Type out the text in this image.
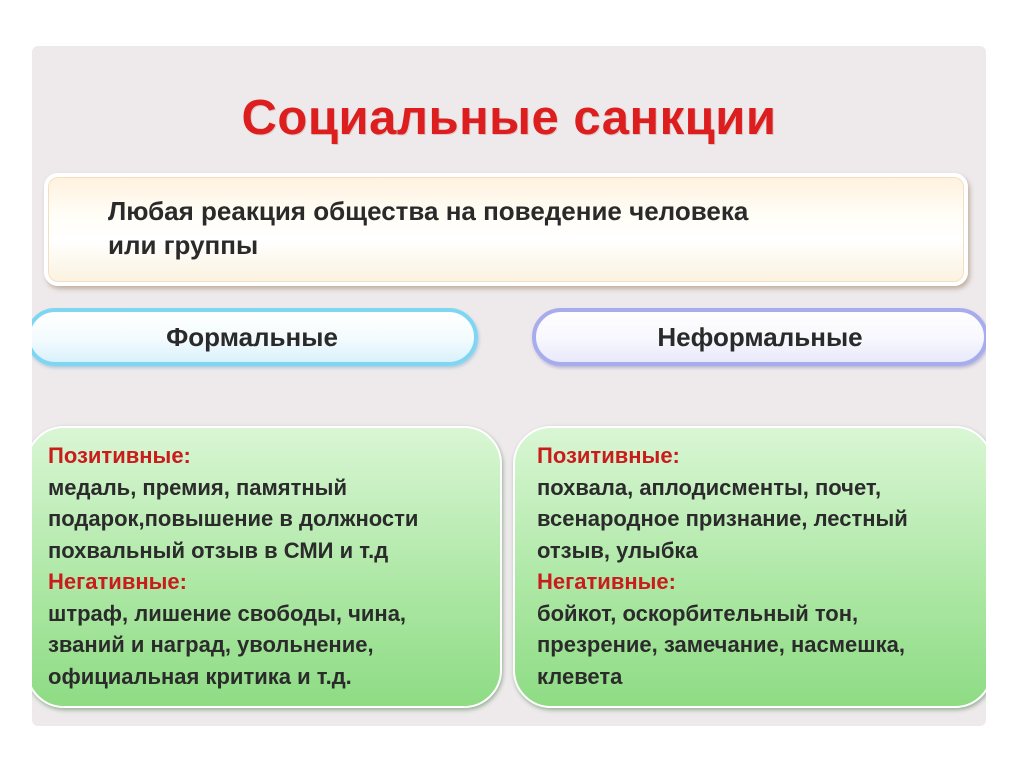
Социальные санкции
Любая реакция общества на поведение человека
или группы
Формальные	Неформальные
Позитивные:
медаль, премия, памятный
подарок,повышение в должности
похвальный отзыв в СМИ и т.д
Негативные:
штраф, лишение свободы, чина,
званий и наград, увольнение,
официальная критика и т.д.
Позитивные:
похвала, аплодисменты, почет,
всенародное признание, лестный
отзыв, улыбка
Негативные:
бойкот, оскорбительный тон,
презрение, замечание, насмешка,
клевета
